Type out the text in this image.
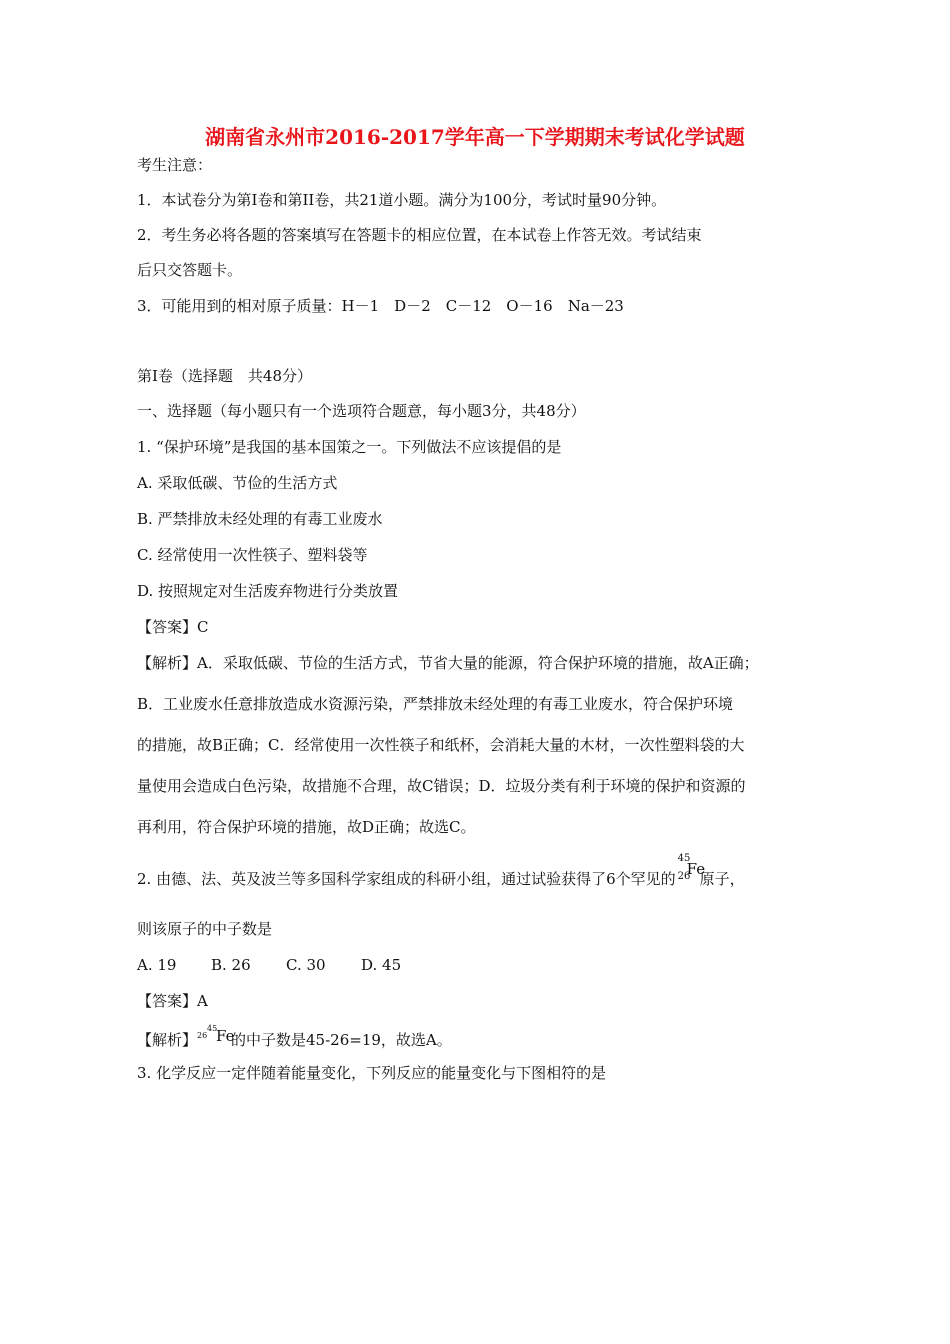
湖南省永州市2016-2017学年高一下学期期末考试化学试题
考生注意：
1．本试卷分为第I卷和第II卷，共21道小题。满分为100分，考试时量90分钟。
2．考生务必将各题的答案填写在答题卡的相应位置，在本试卷上作答无效。考试结束
后只交答题卡。
3．可能用到的相对原子质量：H－1　D－2　C－12　O－16　Na－23
第I卷（选择题　共48分）
一、选择题（每小题只有一个选项符合题意，每小题3分，共48分）
1. “保护环境”是我国的基本国策之一。下列做法不应该提倡的是
A. 采取低碳、节俭的生活方式
B. 严禁排放未经处理的有毒工业废水
C. 经常使用一次性筷子、塑料袋等
D. 按照规定对生活废弃物进行分类放置
【答案】C
【解析】A．采取低碳、节俭的生活方式，节省大量的能源，符合保护环境的措施，故A正确；
B．工业废水任意排放造成水资源污染，严禁排放未经处理的有毒工业废水，符合保护环境
的措施，故B正确；C．经常使用一次性筷子和纸杯，会消耗大量的木材，一次性塑料袋的大
量使用会造成白色污染，故措施不合理，故C错误；D．垃圾分类有利于环境的保护和资源的
再利用，符合保护环境的措施，故D正确；故选C。
2. 由德、法、英及波兰等多国科学家组成的科研小组，通过试验获得了6个罕见的
45
26
Fe
原子，
则该原子的中子数是
A. 19 B. 26 C. 30 D. 45
【答案】A
【解析】 26
45
Fe
的中子数是45-26=19，故选A。
3. 化学反应一定伴随着能量变化，下列反应的能量变化与下图相符的是
